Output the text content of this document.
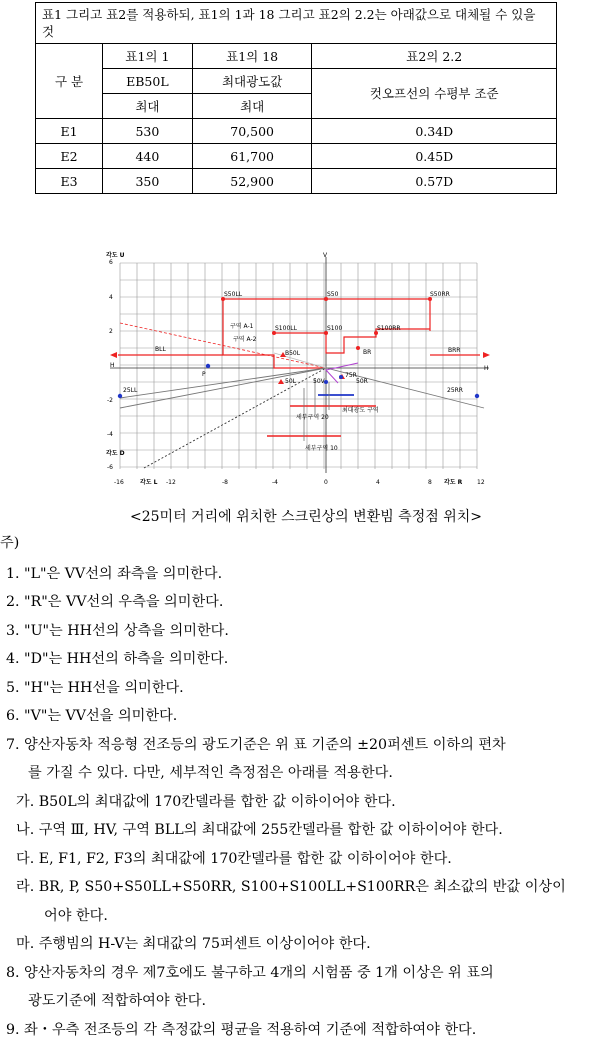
표1 그리고 표2를 적용하되, 표1의 1과 18 그리고 표2의 2.2는 아래값으로 대체될 수 있을 것			
구 분	표1의 1	표1의 18	표2의 2.2
	EB50L	최대광도값	컷오프선의 수평부 조준
	최대	최대	
E1	530	70,500	0.34D
E2	440	61,700	0.45D
E3	350	52,900	0.57D
각도 U
각도 D
각도 L	각도 R
V
H	H
6
4
2
-2
-4
-6
-16	-12	-8	-4	0	4	8	12
S50LL	S50	S50RR
S100LL	S100	S100RR
구역 A-1
구역 A-2
BLL	BRR
B50L	BR
P
25LL	25RR
50L
75R
50R
50V
최대광도 구역
세부구역 20
세부구역 10
<25미터 거리에 위치한 스크린상의 변환빔 측정점 위치>
주)
1. "L"은 VV선의 좌측을 의미한다.
2. "R"은 VV선의 우측을 의미한다.
3. "U"는 HH선의 상측을 의미한다.
4. "D"는 HH선의 하측을 의미한다.
5. "H"는 HH선을 의미한다.
6. "V"는 VV선을 의미한다.
7. 양산자동차 적응형 전조등의 광도기준은 위 표 기준의 ±20퍼센트 이하의 편차
를 가질 수 있다. 다만, 세부적인 측정점은 아래를 적용한다.
가. B50L의 최대값에 170칸델라를 합한 값 이하이어야 한다.
나. 구역 Ⅲ, HV, 구역 BLL의 최대값에 255칸델라를 합한 값 이하이어야 한다.
다. E, F1, F2, F3의 최대값에 170칸델라를 합한 값 이하이어야 한다.
라. BR, P, S50+S50LL+S50RR, S100+S100LL+S100RR은 최소값의 반값 이상이
어야 한다.
마. 주행빔의 H-V는 최대값의 75퍼센트 이상이어야 한다.
8. 양산자동차의 경우 제7호에도 불구하고 4개의 시험품 중 1개 이상은 위 표의
광도기준에 적합하여야 한다.
9. 좌・우측 전조등의 각 측정값의 평균을 적용하여 기준에 적합하여야 한다.
